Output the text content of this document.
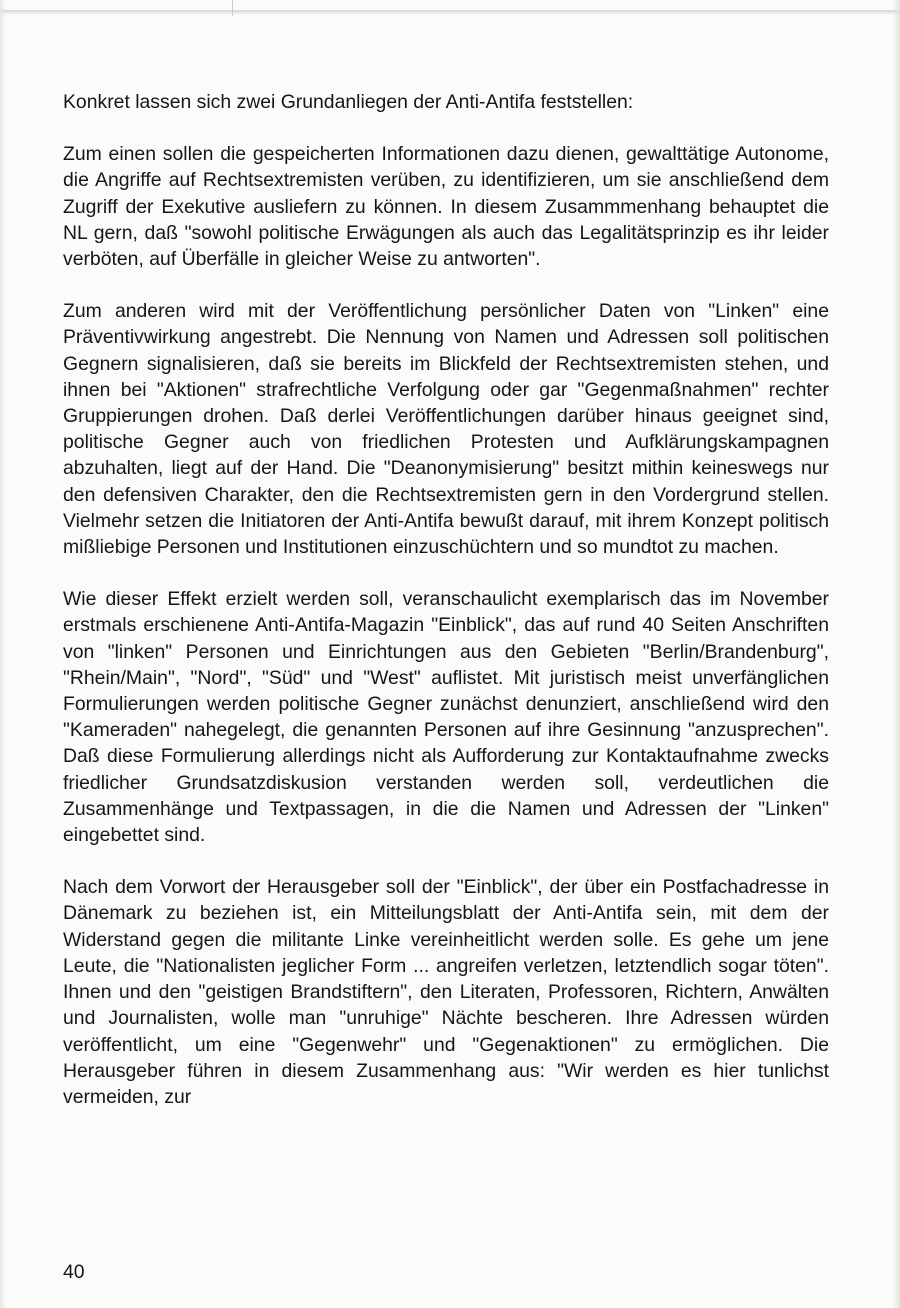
Konkret lassen sich zwei Grundanliegen der Anti-Antifa feststellen:

Zum einen sollen die gespeicherten Informationen dazu dienen, gewalttätige Autonome, die Angriffe auf Rechtsextremisten verüben, zu identifizieren, um sie anschließend dem Zugriff der Exekutive ausliefern zu können. In diesem Zusammmenhang behauptet die NL gern, daß "sowohl politische Erwägungen als auch das Legalitätsprinzip es ihr leider verböten, auf Überfälle in gleicher Weise zu antworten".

Zum anderen wird mit der Veröffentlichung persönlicher Daten von "Linken" eine Präventivwirkung angestrebt. Die Nennung von Namen und Adressen soll politischen Gegnern signalisieren, daß sie bereits im Blickfeld der Rechtsextremisten stehen, und ihnen bei "Aktionen" strafrechtliche Verfolgung oder gar "Gegenmaßnahmen" rechter Gruppierungen drohen. Daß derlei Veröffentlichungen darüber hinaus geeignet sind, politische Gegner auch von friedlichen Protesten und Aufklärungskampagnen abzuhalten, liegt auf der Hand. Die "Deanonymisierung" besitzt mithin keineswegs nur den defensiven Charakter, den die Rechtsextremisten gern in den Vordergrund stellen. Vielmehr setzen die Initiatoren der Anti-Antifa bewußt darauf, mit ihrem Konzept politisch mißliebige Personen und Institutionen einzuschüchtern und so mundtot zu machen.

Wie dieser Effekt erzielt werden soll, veranschaulicht exemplarisch das im November erstmals erschienene Anti-Antifa-Magazin "Einblick", das auf rund 40 Seiten Anschriften von "linken" Personen und Einrichtungen aus den Gebieten "Berlin/Brandenburg", "Rhein/Main", "Nord", "Süd" und "West" auflistet. Mit juristisch meist unverfänglichen Formulierungen werden politische Gegner zunächst denunziert, anschließend wird den "Kameraden" nahegelegt, die genannten Personen auf ihre Gesinnung "anzusprechen". Daß diese Formulierung allerdings nicht als Aufforderung zur Kontaktaufnahme zwecks friedlicher Grundsatzdiskusion verstanden werden soll, verdeutlichen die Zusammenhänge und Textpassagen, in die die Namen und Adressen der "Linken" eingebettet sind.

Nach dem Vorwort der Herausgeber soll der "Einblick", der über ein Postfachadresse in Dänemark zu beziehen ist, ein Mitteilungsblatt der Anti-Antifa sein, mit dem der Widerstand gegen die militante Linke vereinheitlicht werden solle. Es gehe um jene Leute, die "Nationalisten jeglicher Form ... angreifen verletzen, letztendlich sogar töten". Ihnen und den "geistigen Brandstiftern", den Literaten, Professoren, Richtern, Anwälten und Journalisten, wolle man "unruhige" Nächte bescheren. Ihre Adressen würden veröffentlicht, um eine "Gegenwehr" und "Gegenaktionen" zu ermöglichen. Die Herausgeber führen in diesem Zusammenhang aus: "Wir werden es hier tunlichst vermeiden, zur

40
